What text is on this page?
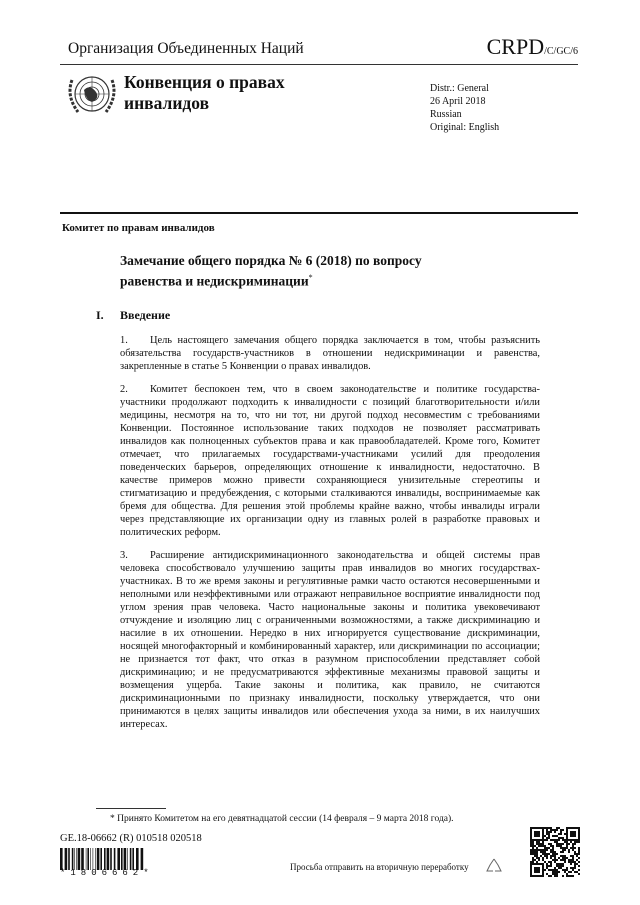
Организация Объединенных Наций	CRPD/C/GC/6
Конвенция о правах
инвалидов
Distr.: General
26 April 2018
Russian
Original: English
Комитет по правам инвалидов
Замечание общего порядка № 6 (2018) по вопросу равенства и недискриминации*
I. Введение

1. Цель настоящего замечания общего порядка заключается в том, чтобы разъяснить обязательства государств-участников в отношении недискриминации и равенства, закрепленные в статье 5 Конвенции о правах инвалидов.

2. Комитет беспокоен тем, что в своем законодательстве и политике государства-участники продолжают подходить к инвалидности с позиций благотворительности и/или медицины, несмотря на то, что ни тот, ни другой подход несовместим с требованиями Конвенции. Постоянное использование таких подходов не позволяет рассматривать инвалидов как полноценных субъектов права и как правообладателей. Кроме того, Комитет отмечает, что прилагаемых государствами-участниками усилий для преодоления поведенческих барьеров, определяющих отношение к инвалидности, недостаточно. В качестве примеров можно привести сохраняющиеся унизительные стереотипы и стигматизацию и предубеждения, с которыми сталкиваются инвалиды, воспринимаемые как бремя для общества. Для решения этой проблемы крайне важно, чтобы инвалиды играли через представляющие их организации одну из главных ролей в разработке правовых и политических реформ.

3. Расширение антидискриминационного законодательства и общей системы прав человека способствовало улучшению защиты прав инвалидов во многих государствах-участниках. В то же время законы и регулятивные рамки часто остаются несовершенными и неполными или неэффективными или отражают неправильное восприятие инвалидности под углом зрения прав человека. Часто национальные законы и политика увековечивают отчуждение и изоляцию лиц с ограниченными возможностями, а также дискриминацию и насилие в их отношении. Нередко в них игнорируется существование дискриминации, носящей многофакторный и комбинированный характер, или дискриминации по ассоциации; не признается тот факт, что отказ в разумном приспособлении представляет собой дискриминацию; и не предусматриваются эффективные механизмы правовой защиты и возмещения ущерба. Такие законы и политика, как правило, не считаются дискриминационными по признаку инвалидности, поскольку утверждается, что они принимаются в целях защиты инвалидов или обеспечения ухода за ними, в их наилучших интересах.

* Принято Комитетом на его девятнадцатой сессии (14 февраля – 9 марта 2018 года).
GE.18-06662 (R) 010518 020518
*1806662*
Просьба отправить на вторичную переработку
